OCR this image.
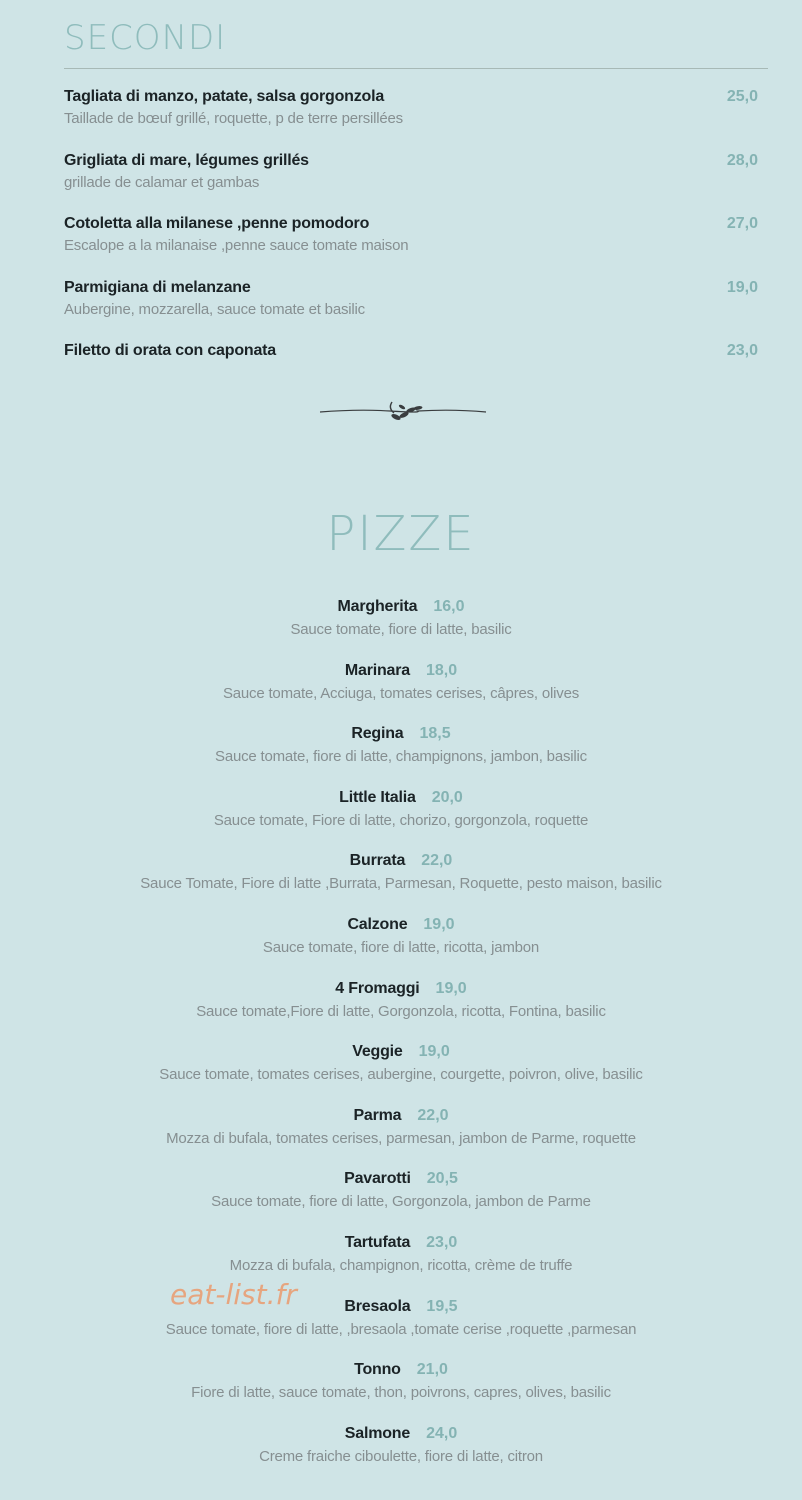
SECONDI
Tagliata di manzo, patate, salsa gorgonzola
Taillade de bœuf grillé, roquette, p de terre persillées
25,0
Grigliata di mare, légumes grillés
grillade de calamar et gambas
28,0
Cotoletta alla milanese ,penne pomodoro
Escalope a la milanaise ,penne sauce tomate maison
27,0
Parmigiana di melanzane
Aubergine, mozzarella, sauce tomate et basilic
19,0
Filetto di orata con caponata	23,0
PIZZE
Margherita 16,0
Sauce tomate, fiore di latte, basilic
Marinara 18,0
Sauce tomate, Acciuga, tomates cerises, câpres, olives
Regina 18,5
Sauce tomate, fiore di latte, champignons, jambon, basilic
Little Italia 20,0
Sauce tomate, Fiore di latte, chorizo, gorgonzola, roquette
Burrata 22,0
Sauce Tomate, Fiore di latte ,Burrata, Parmesan, Roquette, pesto maison, basilic
Calzone 19,0
Sauce tomate, fiore di latte, ricotta, jambon
4 Fromaggi 19,0
Sauce tomate,Fiore di latte, Gorgonzola, ricotta, Fontina, basilic
Veggie 19,0
Sauce tomate, tomates cerises, aubergine, courgette, poivron, olive, basilic
Parma 22,0
Mozza di bufala, tomates cerises, parmesan, jambon de Parme, roquette
Pavarotti 20,5
Sauce tomate, fiore di latte, Gorgonzola, jambon de Parme
Tartufata 23,0
Mozza di bufala, champignon, ricotta, crème de truffe
Bresaola 19,5
Sauce tomate, fiore di latte, ,bresaola ,tomate cerise ,roquette ,parmesan
Tonno 21,0
Fiore di latte, sauce tomate, thon, poivrons, capres, olives, basilic
Salmone 24,0
Creme fraiche ciboulette, fiore di latte, citron
eat-list.fr
